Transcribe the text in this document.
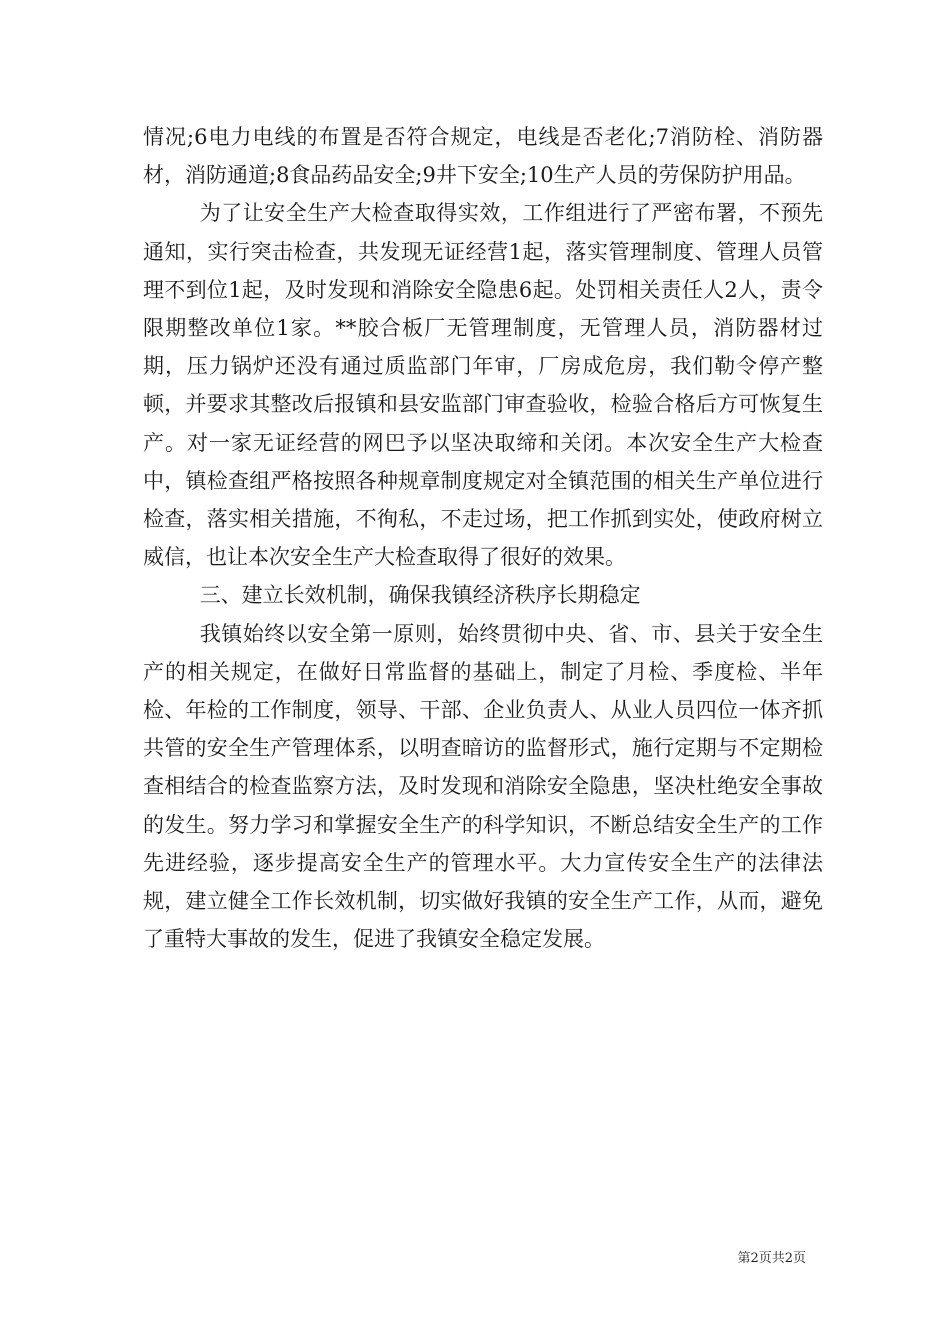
情况;6电力电线的布置是否符合规定，电线是否老化;7消防栓、消防器材，消防通道;8食品药品安全;9井下安全;10生产人员的劳保防护用品。

为了让安全生产大检查取得实效，工作组进行了严密布署，不预先通知，实行突击检查，共发现无证经营1起，落实管理制度、管理人员管理不到位1起，及时发现和消除安全隐患6起。处罚相关责任人2人，责令限期整改单位1家。**胶合板厂无管理制度，无管理人员，消防器材过期，压力锅炉还没有通过质监部门年审，厂房成危房，我们勒令停产整顿，并要求其整改后报镇和县安监部门审查验收，检验合格后方可恢复生产。对一家无证经营的网巴予以坚决取缔和关闭。本次安全生产大检查中，镇检查组严格按照各种规章制度规定对全镇范围的相关生产单位进行检查，落实相关措施，不徇私，不走过场，把工作抓到实处，使政府树立威信，也让本次安全生产大检查取得了很好的效果。

三、建立长效机制，确保我镇经济秩序长期稳定

我镇始终以安全第一原则，始终贯彻中央、省、市、县关于安全生产的相关规定，在做好日常监督的基础上，制定了月检、季度检、半年检、年检的工作制度，领导、干部、企业负责人、从业人员四位一体齐抓共管的安全生产管理体系，以明查暗访的监督形式，施行定期与不定期检查相结合的检查监察方法，及时发现和消除安全隐患，坚决杜绝安全事故的发生。努力学习和掌握安全生产的科学知识，不断总结安全生产的工作先进经验，逐步提高安全生产的管理水平。大力宣传安全生产的法律法规，建立健全工作长效机制，切实做好我镇的安全生产工作，从而，避免了重特大事故的发生，促进了我镇安全稳定发展。

第2页共2页
